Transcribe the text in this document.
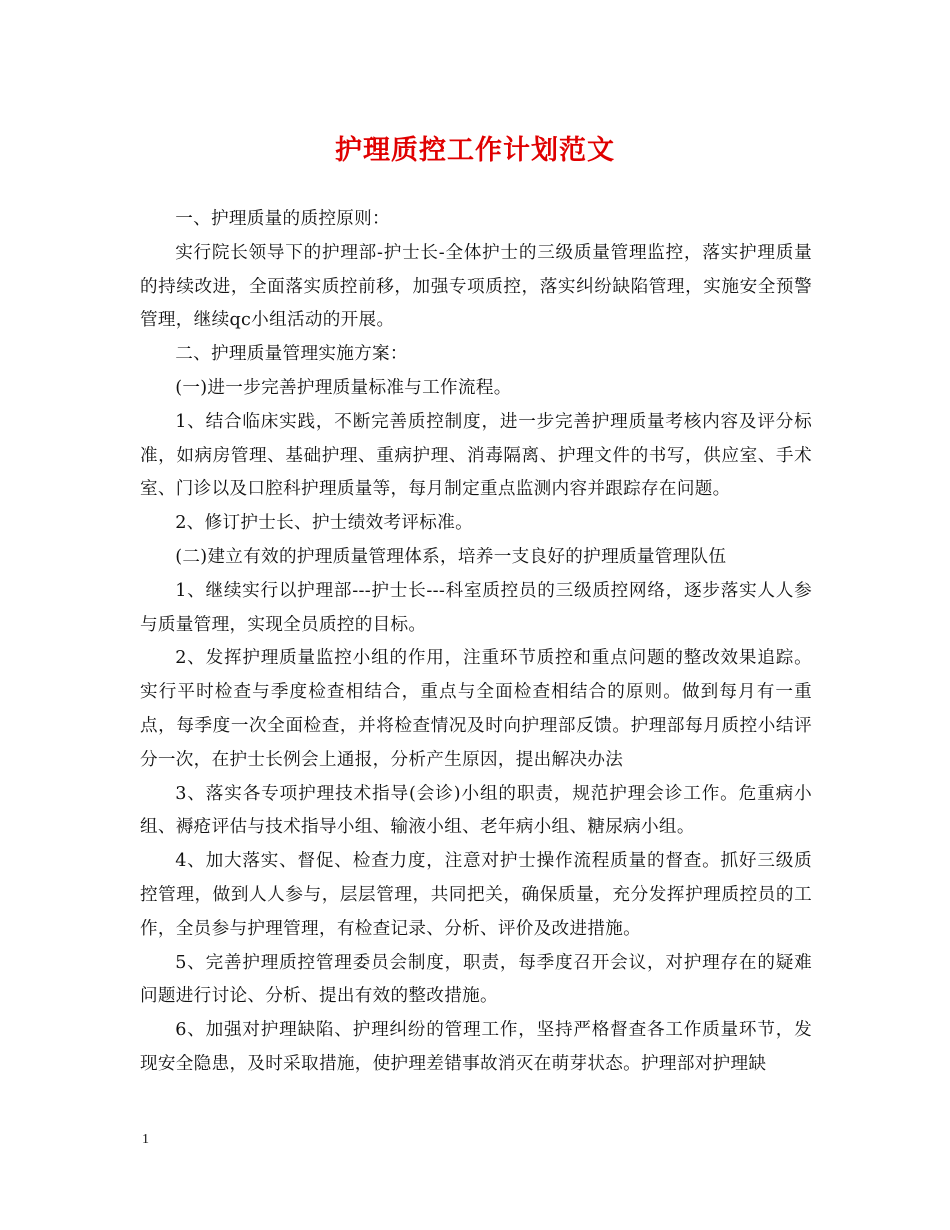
护理质控工作计划范文

一、护理质量的质控原则：

实行院长领导下的护理部-护士长-全体护士的三级质量管理监控，落实护理质量的持续改进，全面落实质控前移，加强专项质控，落实纠纷缺陷管理，实施安全预警管理，继续qc小组活动的开展。

二、护理质量管理实施方案：

(一)进一步完善护理质量标准与工作流程。

1、结合临床实践，不断完善质控制度，进一步完善护理质量考核内容及评分标准，如病房管理、基础护理、重病护理、消毒隔离、护理文件的书写，供应室、手术室、门诊以及口腔科护理质量等，每月制定重点监测内容并跟踪存在问题。

2、修订护士长、护士绩效考评标准。

(二)建立有效的护理质量管理体系，培养一支良好的护理质量管理队伍

1、继续实行以护理部---护士长---科室质控员的三级质控网络，逐步落实人人参与质量管理，实现全员质控的目标。

2、发挥护理质量监控小组的作用，注重环节质控和重点问题的整改效果追踪。实行平时检查与季度检查相结合，重点与全面检查相结合的原则。做到每月有一重点，每季度一次全面检查，并将检查情况及时向护理部反馈。护理部每月质控小结评分一次，在护士长例会上通报，分析产生原因，提出解决办法

3、落实各专项护理技术指导(会诊)小组的职责，规范护理会诊工作。危重病小组、褥疮评估与技术指导小组、输液小组、老年病小组、糖尿病小组。

4、加大落实、督促、检查力度，注意对护士操作流程质量的督查。抓好三级质控管理，做到人人参与，层层管理，共同把关，确保质量，充分发挥护理质控员的工作，全员参与护理管理，有检查记录、分析、评价及改进措施。

5、完善护理质控管理委员会制度，职责，每季度召开会议，对护理存在的疑难问题进行讨论、分析、提出有效的整改措施。

6、加强对护理缺陷、护理纠纷的管理工作，坚持严格督查各工作质量环节，发现安全隐患，及时采取措施，使护理差错事故消灭在萌芽状态。护理部对护理缺

1
